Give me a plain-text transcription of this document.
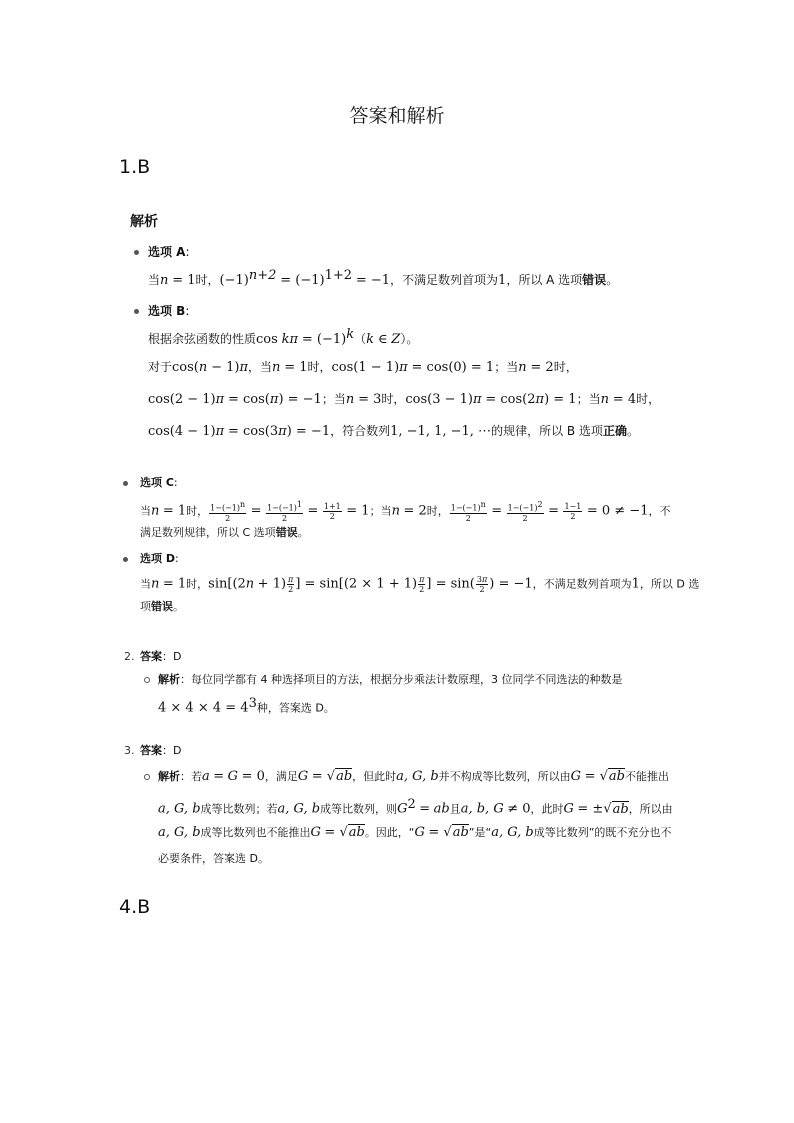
答案和解析
1.B
解析
选项 A:
当n = 1时，$(-1)^{n+2} = (-1)^{1+2} = -1$，不满足数列首项为1，所以 A 选项错误。
选项 B:
根据余弦函数的性质$\cos k\pi = (-1)^k(k$ ∈ Z）。
对于cos(n − 1)π，当n = 1时，cos(1 − 1)π = cos(0) = 1；当n = 2时，
cos(2 − 1)π = cos(π) = −1；当n = 3时，cos(3 − 1)π = cos(2π) = 1；当n = 4时，
cos(4 − 1)π = cos(3π) = −1，符合数列1, −1, 1, −1, ⋯的规律，所以 B 选项正确。
选项 C:
当n = 1时， $\frac{1-(-1)^n}{2} = \frac{1-(-1)^1}{2} = \frac{1+1}{2} = 1$；当n = 2时， $\frac{1-(-1)^n}{2} = \frac{1-(-1)^2}{2} = \frac{1-1}{2} = 0 \ne -1$，不
满足数列规律，所以 C 选项错误。
选项 D:
当n = 1时，$\sin[(2n + 1) \frac{\pi}{2}$ ] = $\sin[(2 \times 1 + 1) \frac{\pi}{2}$ ] = $\sin( \frac{3\pi}{2}$ ) = −1，不满足数列首项为1，所以 D 选
项错误。
2. 答案：D
解析：每位同学都有 4 种选择项目的方法，根据分步乘法计数原理，3 位同学不同选法的种数是
$4 \times 4 \times 4 = 4^3$种，答案选 D。
3. 答案：D
解析：若a = G = 0，满足G = √ab，但此时a, G, b并不构成等比数列，所以由G = √ab不能推出
a, G, b成等比数列；若a, G, b成等比数列，则$G^2$ = ab且a, b, G ≠ 0，此时G = ±√ab，所以由
a, G, b成等比数列也不能推出G = √ab。因此，“G = √ab”是“a, G, b成等比数列”的既不充分也不
必要条件，答案选 D。
4.B
